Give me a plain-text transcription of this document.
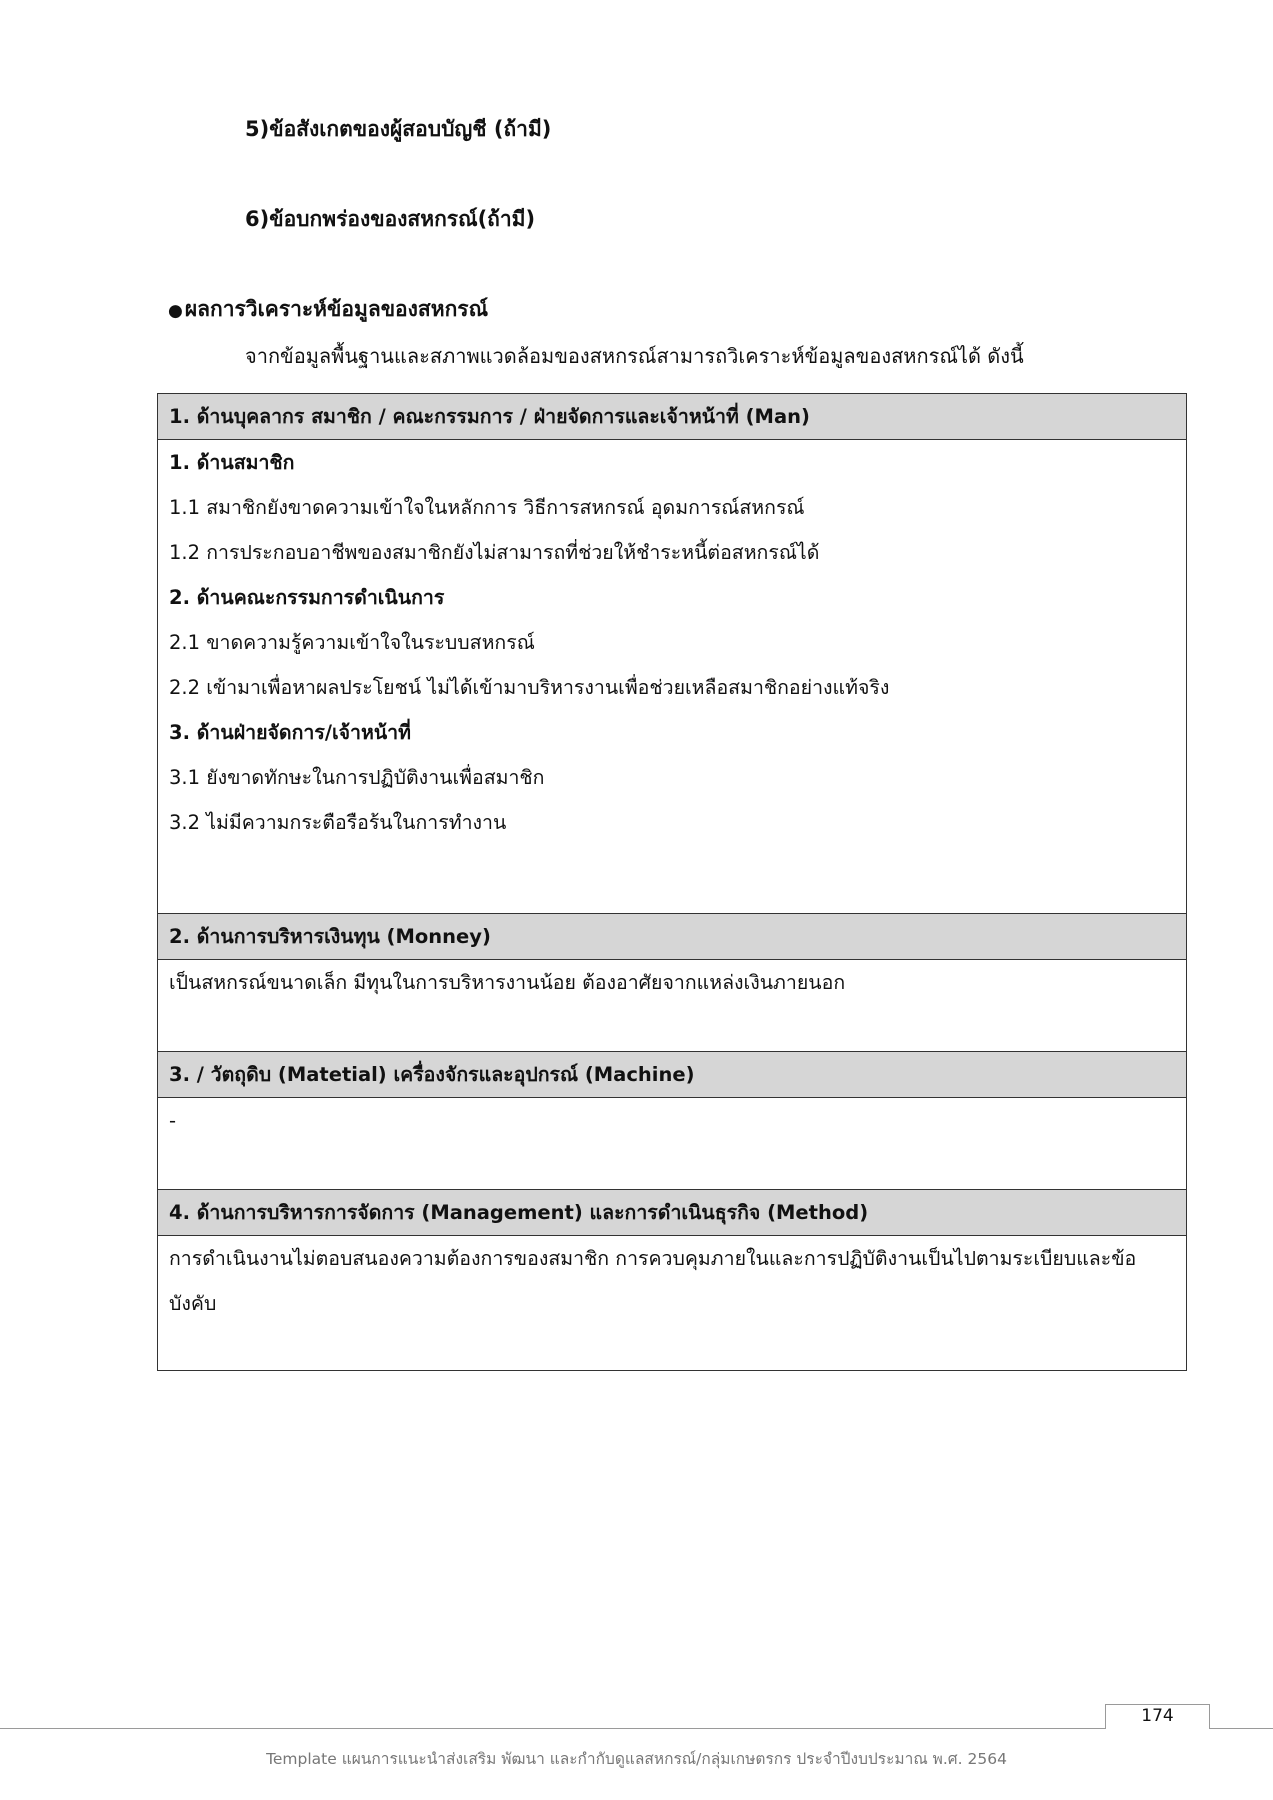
5)ข้อสังเกตของผู้สอบบัญชี (ถ้ามี)

6)ข้อบกพร่องของสหกรณ์(ถ้ามี)

●ผลการวิเคราะห์ข้อมูลของสหกรณ์

จากข้อมูลพื้นฐานและสภาพแวดล้อมของสหกรณ์สามารถวิเคราะห์ข้อมูลของสหกรณ์ได้ ดังนี้

1. ด้านบุคลากร สมาชิก / คณะกรรมการ / ฝ่ายจัดการและเจ้าหน้าที่ (Man)

1. ด้านสมาชิก
1.1 สมาชิกยังขาดความเข้าใจในหลักการ วิธีการสหกรณ์ อุดมการณ์สหกรณ์
1.2 การประกอบอาชีพของสมาชิกยังไม่สามารถที่ช่วยให้ชำระหนี้ต่อสหกรณ์ได้
2. ด้านคณะกรรมการดำเนินการ
2.1 ขาดความรู้ความเข้าใจในระบบสหกรณ์
2.2 เข้ามาเพื่อหาผลประโยชน์ ไม่ได้เข้ามาบริหารงานเพื่อช่วยเหลือสมาชิกอย่างแท้จริง
3. ด้านฝ่ายจัดการ/เจ้าหน้าที่
3.1 ยังขาดทักษะในการปฏิบัติงานเพื่อสมาชิก
3.2 ไม่มีความกระตือรือร้นในการทำงาน

2. ด้านการบริหารเงินทุน (Monney)

เป็นสหกรณ์ขนาดเล็ก มีทุนในการบริหารงานน้อย ต้องอาศัยจากแหล่งเงินภายนอก

3. / วัตถุดิบ (Matetial) เครื่องจักรและอุปกรณ์ (Machine)

-

4. ด้านการบริหารการจัดการ (Management) และการดำเนินธุรกิจ (Method)

การดำเนินงานไม่ตอบสนองความต้องการของสมาชิก การควบคุมภายในและการปฏิบัติงานเป็นไปตามระเบียบและข้อบังคับ
174
Template แผนการแนะนำส่งเสริม พัฒนา และกำกับดูแลสหกรณ์/กลุ่มเกษตรกร ประจำปีงบประมาณ พ.ศ. 2564
